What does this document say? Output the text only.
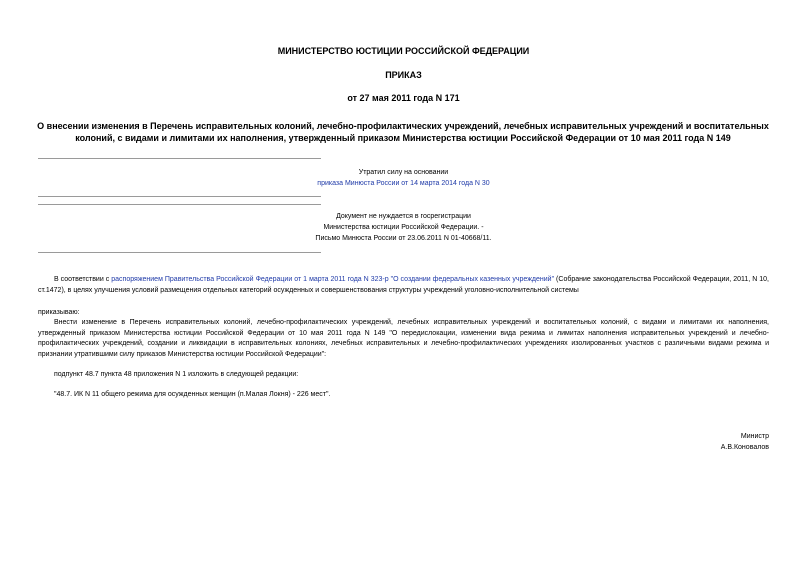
МИНИСТЕРСТВО ЮСТИЦИИ РОССИЙСКОЙ ФЕДЕРАЦИИ
ПРИКАЗ
от 27 мая 2011 года N 171
О внесении изменения в Перечень исправительных колоний, лечебно-профилактических учреждений, лечебных исправительных учреждений и воспитательных колоний, с видами и лимитами их наполнения, утвержденный приказом Министерства юстиции Российской Федерации от 10 мая 2011 года N 149
Утратил силу на основании
приказа Минюста России от 14 марта 2014 года N 30
Документ не нуждается в госрегистрации
Министерства юстиции Российской Федерации. -
Письмо Минюста России от 23.06.2011 N 01-40668/11.
В соответствии с распоряжением Правительства Российской Федерации от 1 марта 2011 года N 323-р "О создании федеральных казенных учреждений" (Собрание законодательства Российской Федерации, 2011, N 10, ст.1472), в целях улучшения условий размещения отдельных категорий осужденных и совершенствования структуры учреждений уголовно-исполнительной системы
приказываю:
Внести изменение в Перечень исправительных колоний, лечебно-профилактических учреждений, лечебных исправительных учреждений и воспитательных колоний, с видами и лимитами их наполнения, утвержденный приказом Министерства юстиции Российской Федерации от 10 мая 2011 года N 149 "О передислокации, изменении вида режима и лимитах наполнения исправительных учреждений и лечебно-профилактических учреждений, создании и ликвидации в исправительных колониях, лечебных исправительных и лечебно-профилактических учреждениях изолированных участков с различными видами режима и признании утратившими силу приказов Министерства юстиции Российской Федерации":
подпункт 48.7 пункта 48 приложения N 1 изложить в следующей редакции:
"48.7. ИК N 11 общего режима для осужденных женщин (п.Малая Локня) - 226 мест".
Министр
А.В.Коновалов
